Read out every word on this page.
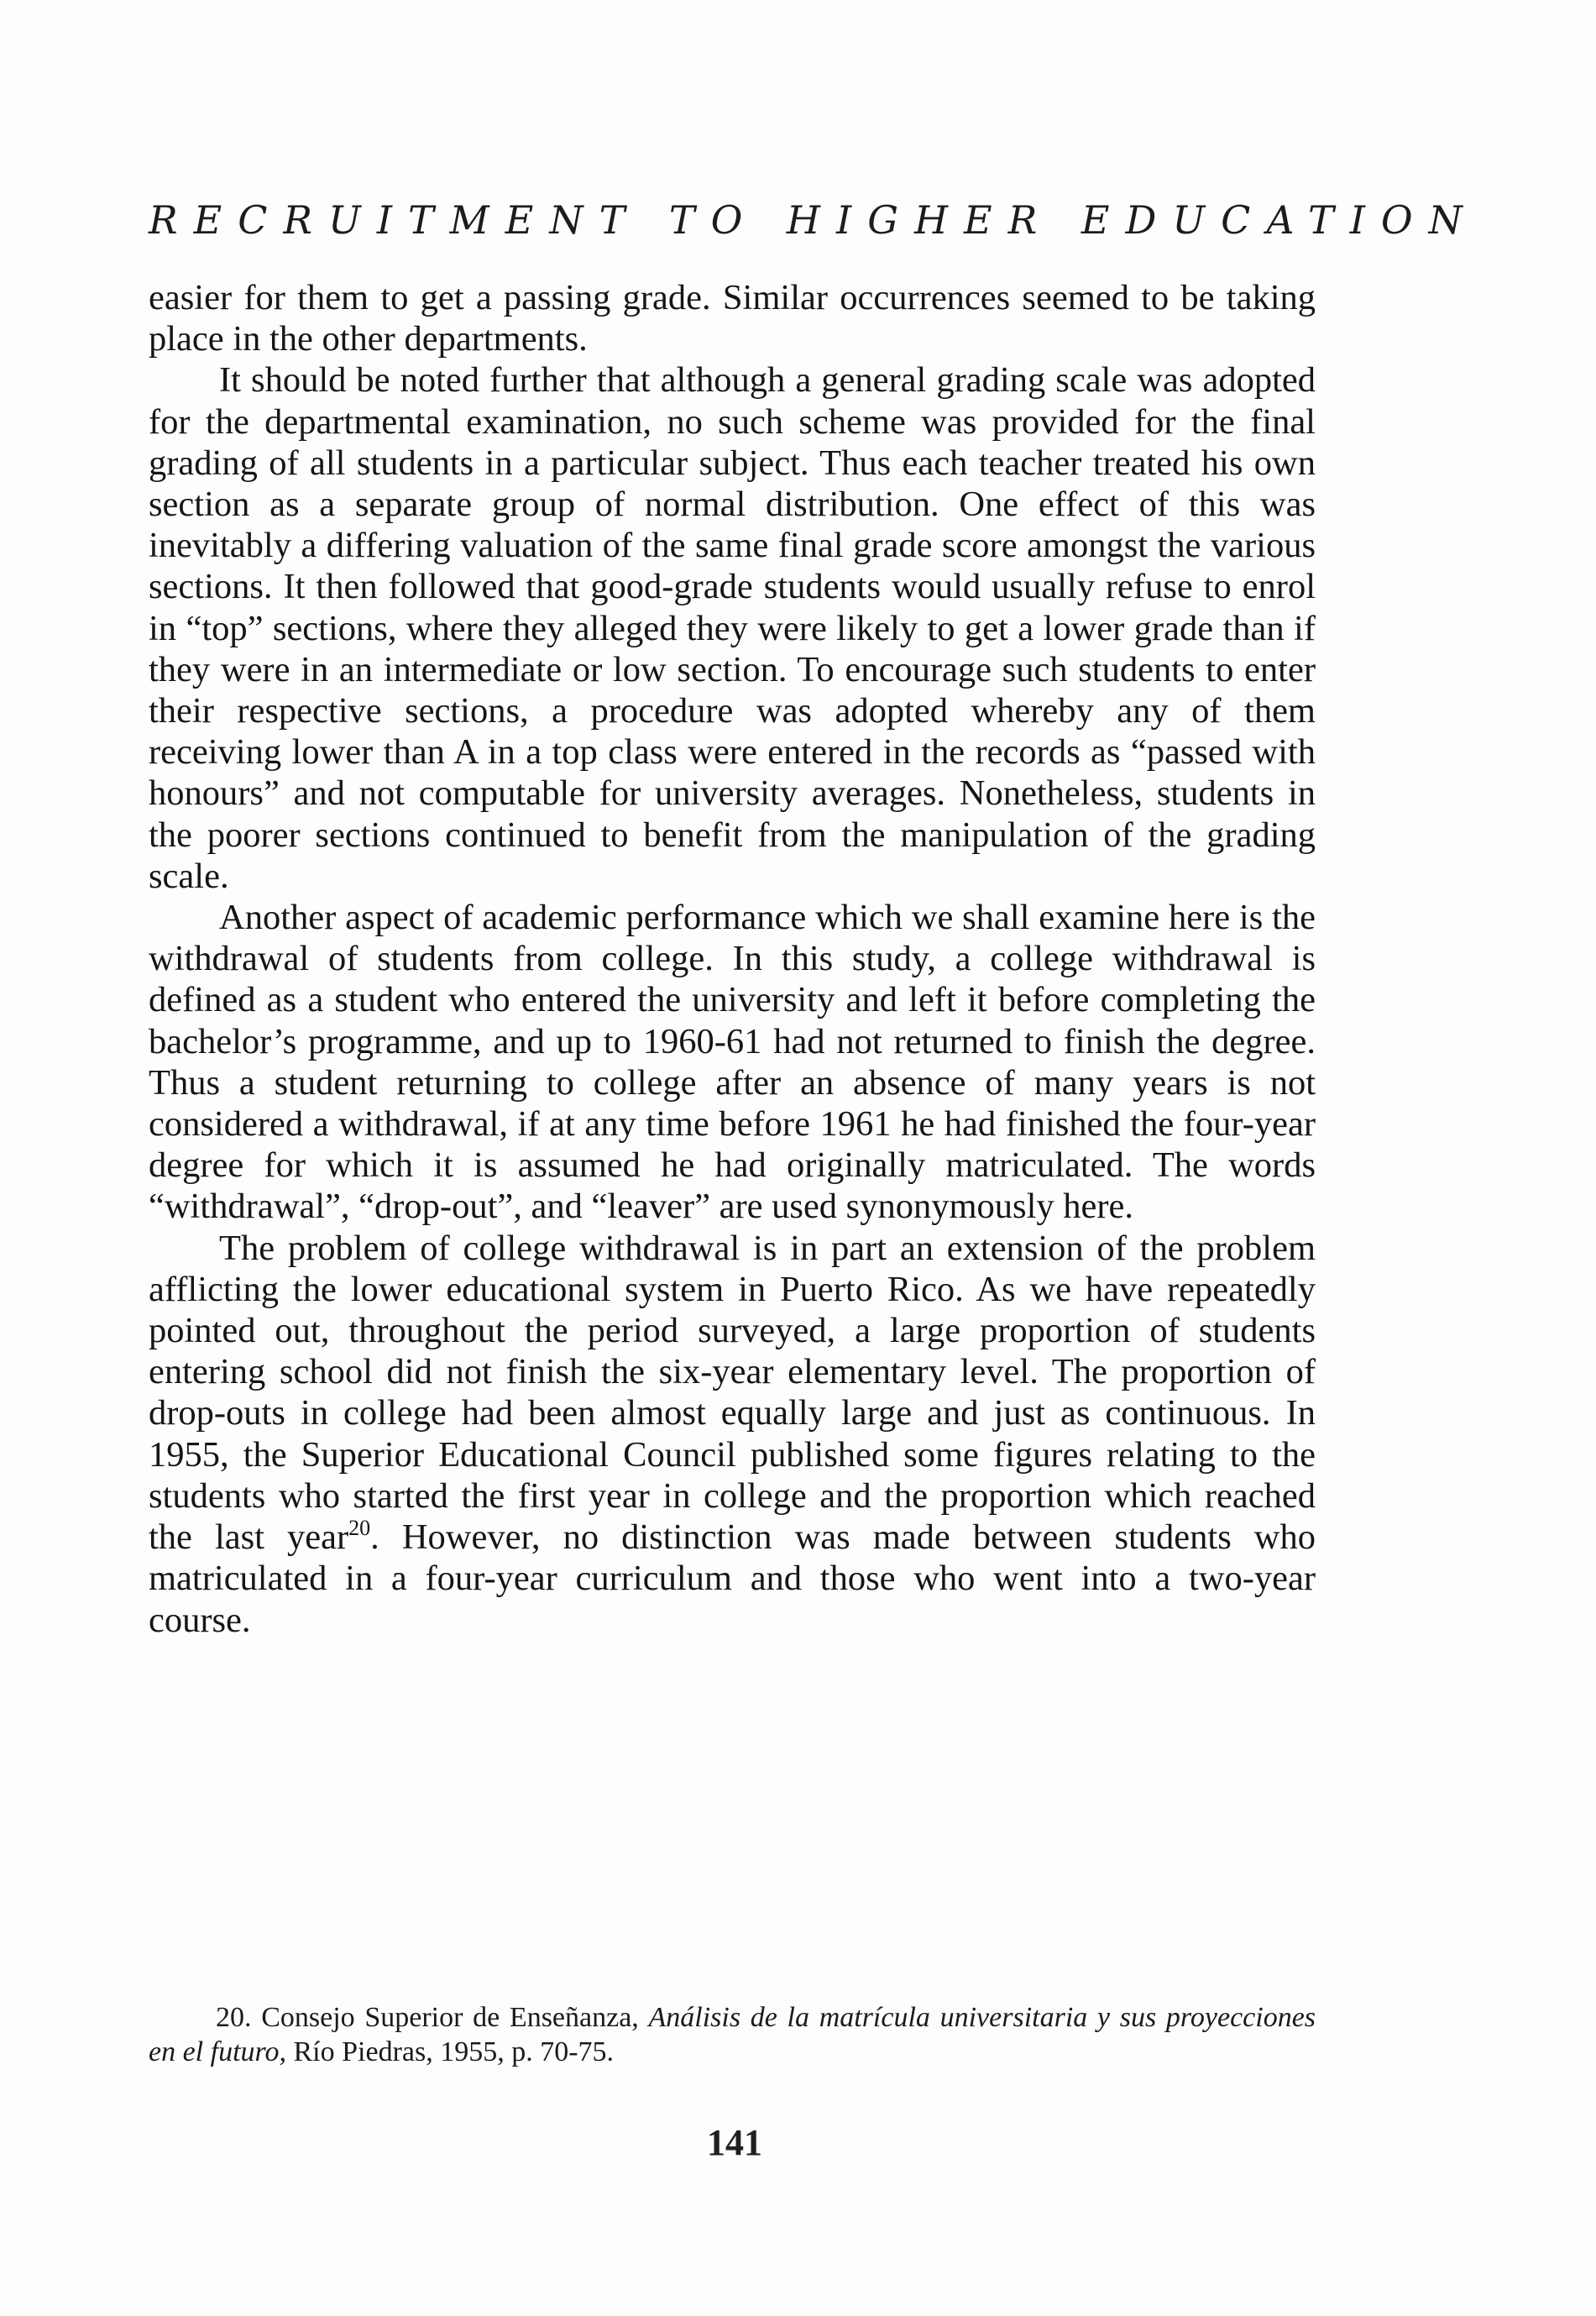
RECRUITMENT TO HIGHER EDUCATION

easier for them to get a passing grade. Similar occurrences seemed to be taking place in the other departments.

It should be noted further that although a general grading scale was adopted for the departmental examination, no such scheme was provided for the final grading of all students in a particular subject. Thus each teacher treated his own section as a separate group of normal distribution. One effect of this was inevitably a differing valuation of the same final grade score amongst the various sections. It then followed that good-grade students would usually refuse to enrol in “top” sections, where they alleged they were likely to get a lower grade than if they were in an intermediate or low section. To encourage such students to enter their respective sections, a procedure was adopted whereby any of them receiving lower than A in a top class were entered in the records as “passed with honours” and not computable for university averages. Nonetheless, students in the poorer sections continued to benefit from the manipulation of the grading scale.

Another aspect of academic performance which we shall examine here is the withdrawal of students from college. In this study, a college withdrawal is defined as a student who entered the university and left it before completing the bachelor’s programme, and up to 1960-61 had not returned to finish the degree. Thus a student returning to college after an absence of many years is not considered a withdrawal, if at any time before 1961 he had finished the four-year degree for which it is assumed he had originally matriculated. The words “withdrawal”, “drop-out”, and “leaver” are used synonymously here.

The problem of college withdrawal is in part an extension of the problem afflicting the lower educational system in Puerto Rico. As we have repeatedly pointed out, throughout the period surveyed, a large proportion of students entering school did not finish the six-year elementary level. The proportion of drop-outs in college had been almost equally large and just as continuous. In 1955, the Superior Educational Council published some figures relating to the students who started the first year in college and the proportion which reached the last year$^{20}$. However, no distinction was made between students who matriculated in a four-year curriculum and those who went into a two-year course.

20. Consejo Superior de Enseñanza, Análisis de la matrícula universitaria y sus proyecciones en el futuro, Río Piedras, 1955, p. 70-75.

141
